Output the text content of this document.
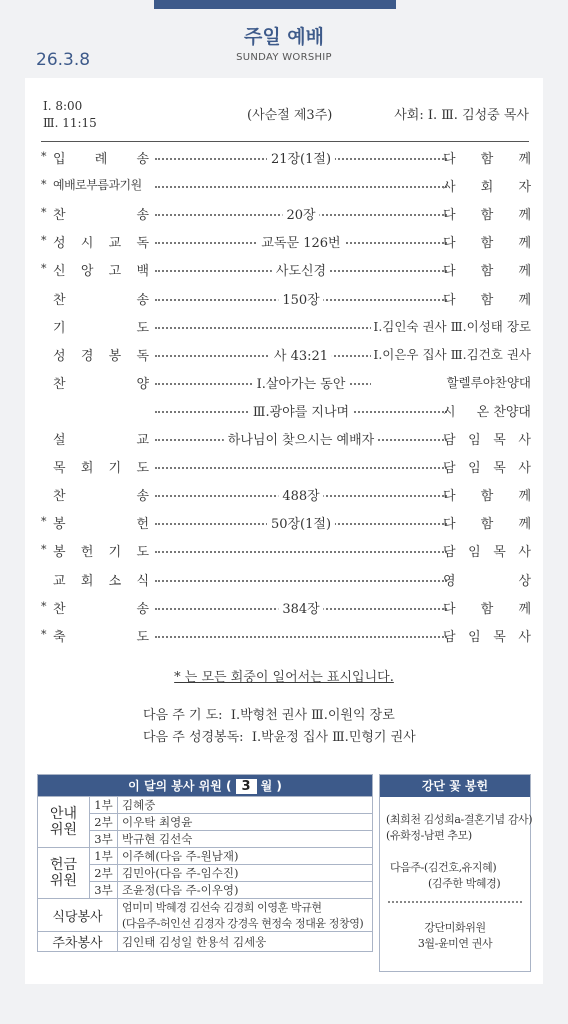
주일 예배
SUNDAY WORSHIP
26.3.8
Ⅰ. 8:00
Ⅲ. 11:15	(사순절 제3주)	사회: Ⅰ. Ⅲ. 김성중 목사
* 입 례 송	21장(1절)	다 함 께
* 예배로부름과기원	사 회 자
* 찬	송	20장	다 함 께
* 성 시 교 독	교독문 126번	다 함 께
* 신 앙 고 백	사도신경	다 함 께
찬	송	150장	다 함 께
기	도	Ⅰ.김인숙 권사 Ⅲ.이성태 장로
성 경 봉 독	사 43:21	Ⅰ.이은우 집사 Ⅲ.김건호 권사
찬	양	Ⅰ.살아가는 동안	할렐루야찬양대
Ⅲ.광야를 지나며	시 온 찬양대
설	교	하나님이 찾으시는 예배자	담 임 목 사
목 회 기 도	담 임 목 사
찬	송	488장	다 함 께
* 봉	헌	50장(1절)	다 함 께
* 봉 헌 기 도	담 임 목 사
교 회 소 식	영	상
* 찬	송	384장	다 함 께
* 축	도	담 임 목 사
* 는 모든 회중이 일어서는 표시입니다.
다음 주 기 도: Ⅰ.박형천 권사 Ⅲ.이원익 장로
다음 주 성경봉독: Ⅰ.박윤정 집사 Ⅲ.민형기 권사
이 달의 봉사 위원 ( 3 월 )		
안내
위원	1부	김혜중
	2부	이우탁 최영윤
	3부	박규현 김선숙
헌금
위원	1부	이주혜(다음 주-원남재)
	2부	김민아(다음 주-임수진)
	3부	조윤정(다음 주-이우영)
식당봉사		엄미미 박혜경 김선숙 김경희 이영훈 박규현
(다음주-허인선 김경자 강경옥 현정숙 정대윤 정창영)

주차봉사		김인태 김성일 한용석 김세웅
강단 꽃 봉헌
(최희천 김성희a-결혼기념 감사)
(유화정-남편 추모)
다음주-(김건호,유지혜)
(김주한 박혜경)
강단미화위원
3월-윤미연 권사
